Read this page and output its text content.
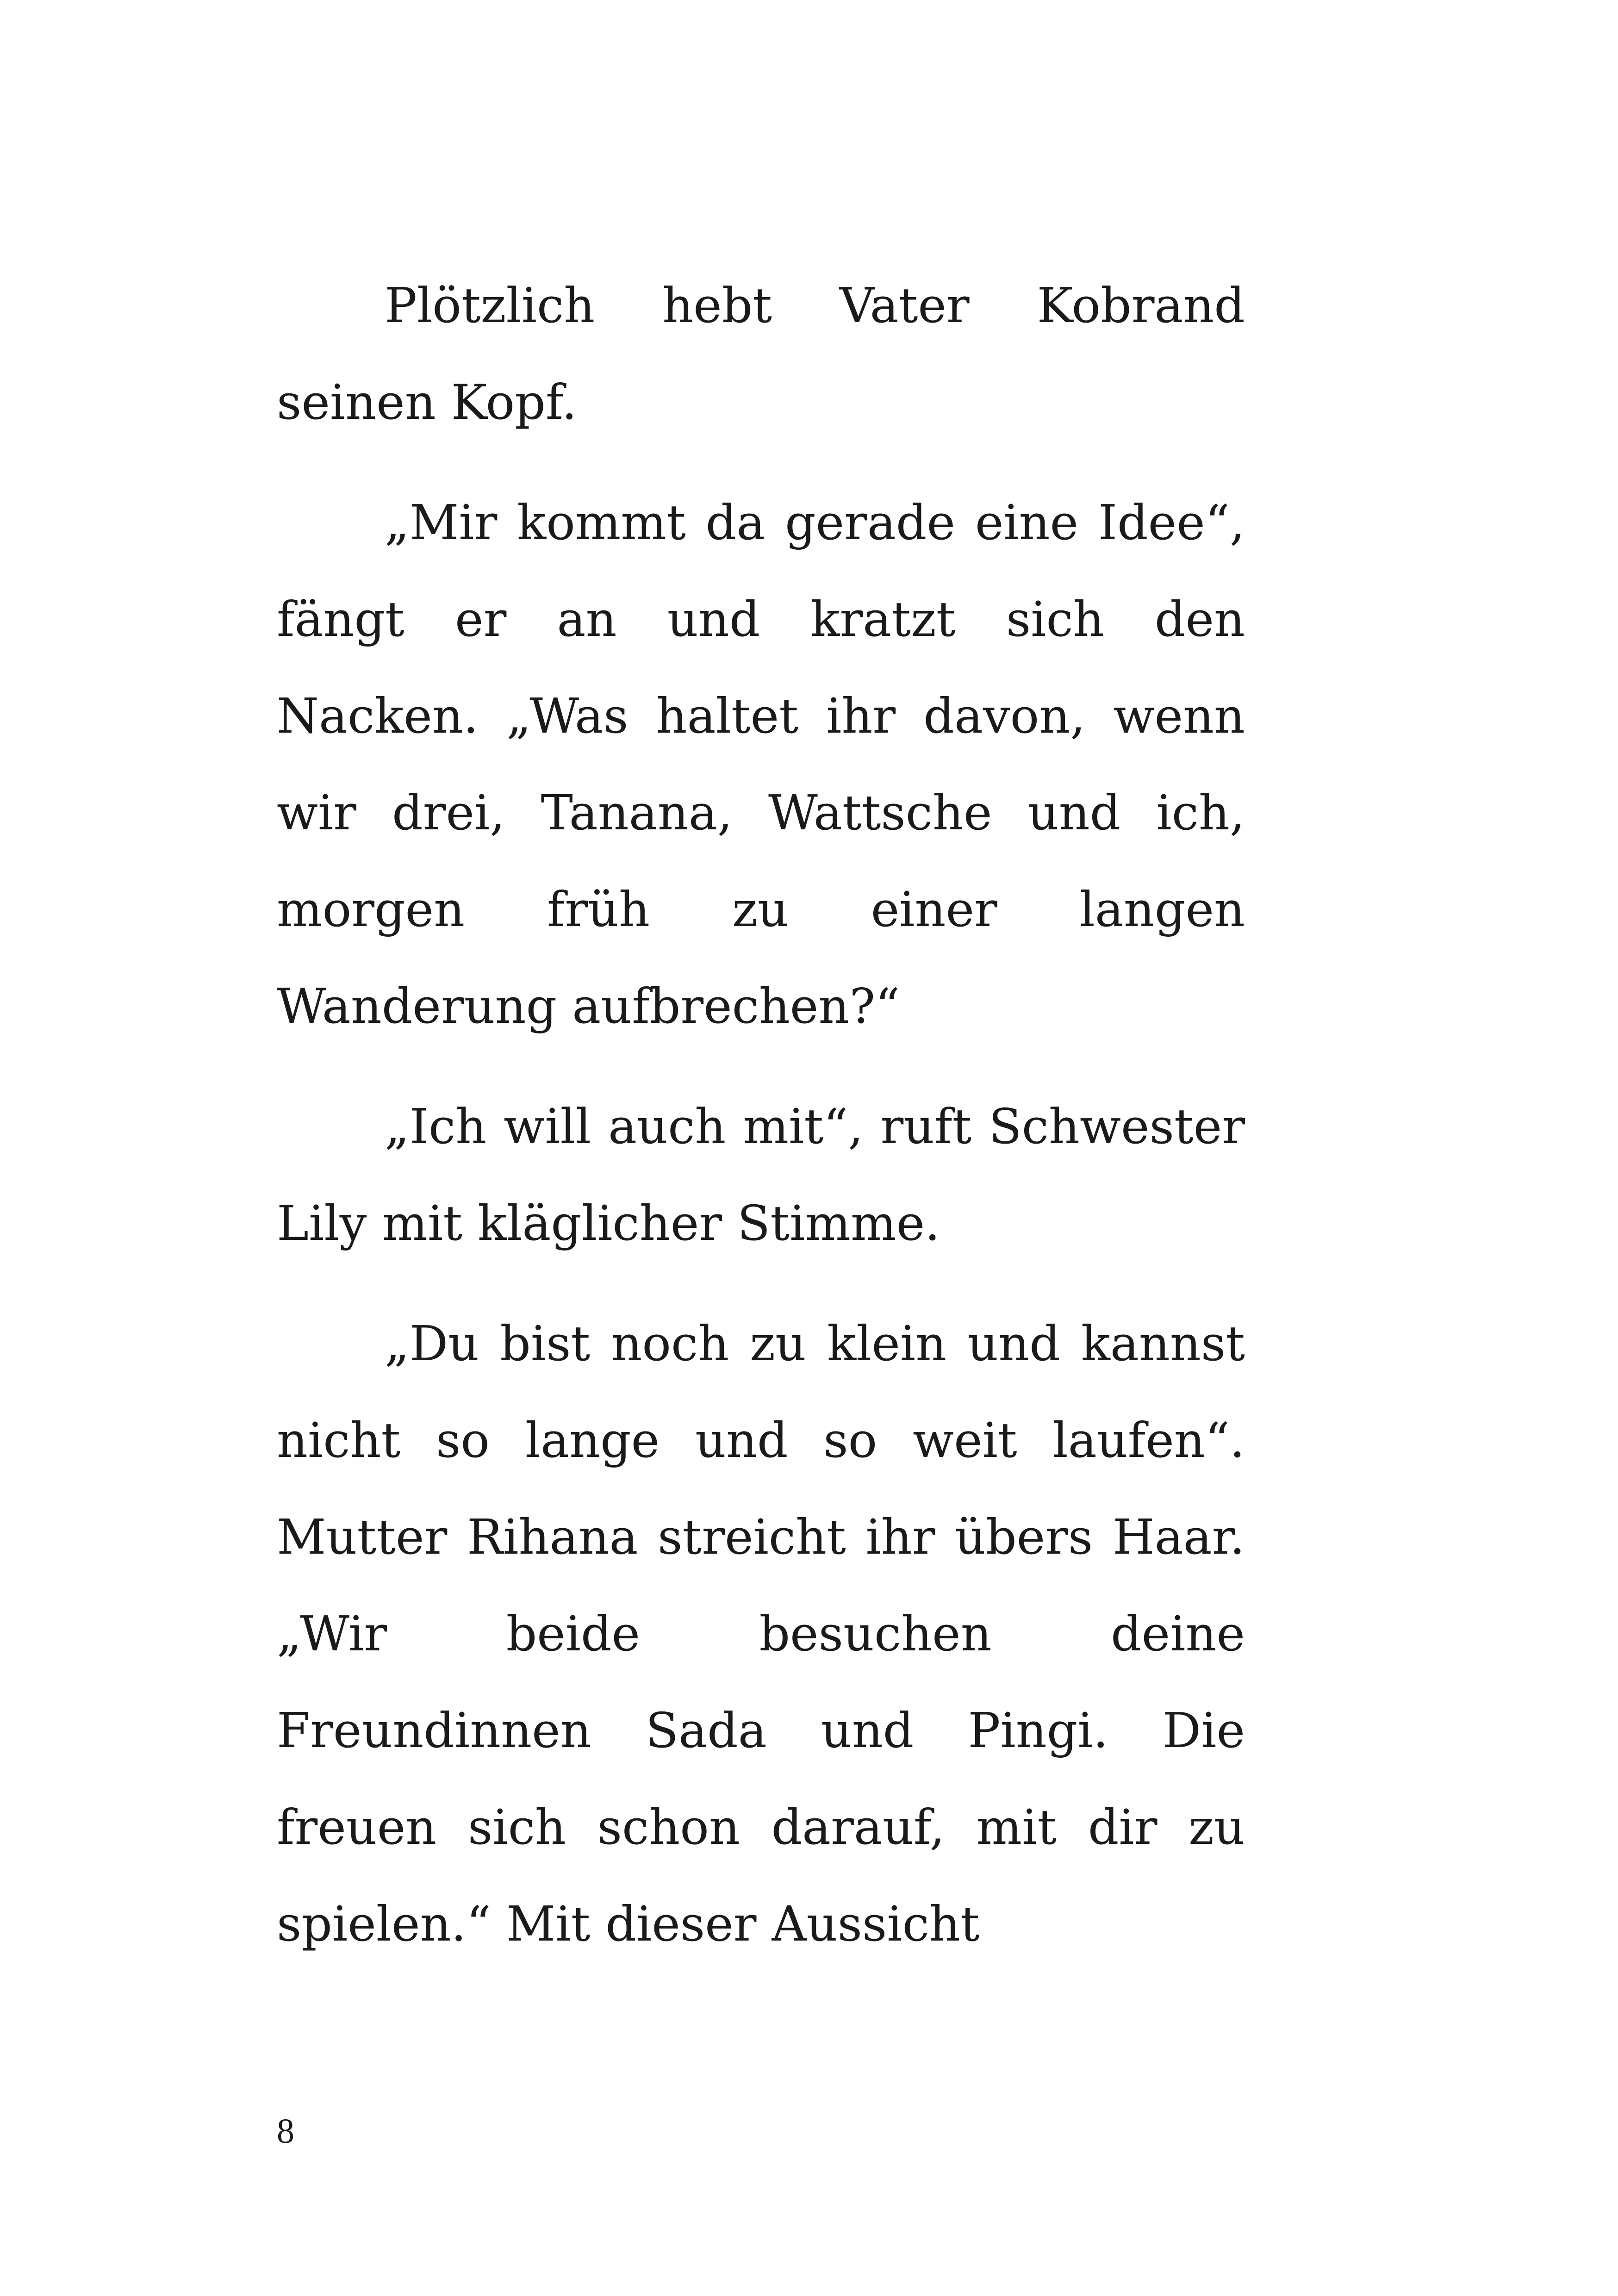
Plötzlich hebt Vater Kobrand seinen Kopf.

„Mir kommt da gerade eine Idee“, fängt er an und kratzt sich den Nacken. „Was haltet ihr davon, wenn wir drei, Tanana, Wattsche und ich, morgen früh zu einer langen Wanderung aufbrechen?“

„Ich will auch mit“, ruft Schwester Lily mit kläglicher Stimme.

„Du bist noch zu klein und kannst nicht so lange und so weit laufen“. Mutter Rihana streicht ihr übers Haar. „Wir beide besuchen deine Freundinnen Sada und Pingi. Die freuen sich schon darauf, mit dir zu spielen.“ Mit dieser Aussicht

8
